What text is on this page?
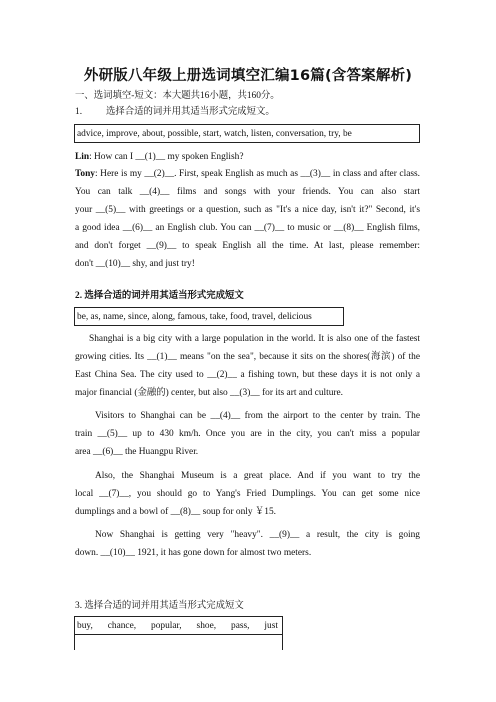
外研版八年级上册选词填空汇编16篇(含答案解析)
一、选词填空-短文：本大题共16小题，共160分。
1.	选择合适的词并用其适当形式完成短文。
advice, improve, about, possible, start, watch, listen, conversation, try, be
Lin: How can I __(1)__ my spoken English?
Tony: Here is my __(2)__. First, speak English as much as __(3)__ in class and after class.
You can talk __(4)__ films and songs with your friends. You can also start
your __(5)__ with greetings or a question, such as "It's a nice day, isn't it?" Second, it's
a good idea __(6)__ an English club. You can __(7)__ to music or __(8)__ English films,
and don't forget __(9)__ to speak English all the time. At last, please remember:
don't __(10)__ shy, and just try!
2. 选择合适的词并用其适当形式完成短文
be, as, name, since, along, famous, take, food, travel, delicious
Shanghai is a big city with a large population in the world. It is also one of the fastest
growing cities. Its __(1)__ means "on the sea", because it sits on the shores(海滨) of the
East China Sea. The city used to __(2)__ a fishing town, but these days it is not only a
major financial (金融的) center, but also __(3)__ for its art and culture.
Visitors to Shanghai can be __(4)__ from the airport to the center by train. The
train __(5)__ up to 430 km/h. Once you are in the city, you can't miss a popular
area __(6)__ the Huangpu River.
Also, the Shanghai Museum is a great place. And if you want to try the
local __(7)__, you should go to Yang's Fried Dumplings. You can get some nice
dumplings and a bowl of __(8)__ soup for only ￥15.
Now Shanghai is getting very "heavy". __(9)__ a result, the city is going
down. __(10)__ 1921, it has gone down for almost two meters.
3. 选择合适的词并用其适当形式完成短文
buy, chance, popular, shoe, pass, just
